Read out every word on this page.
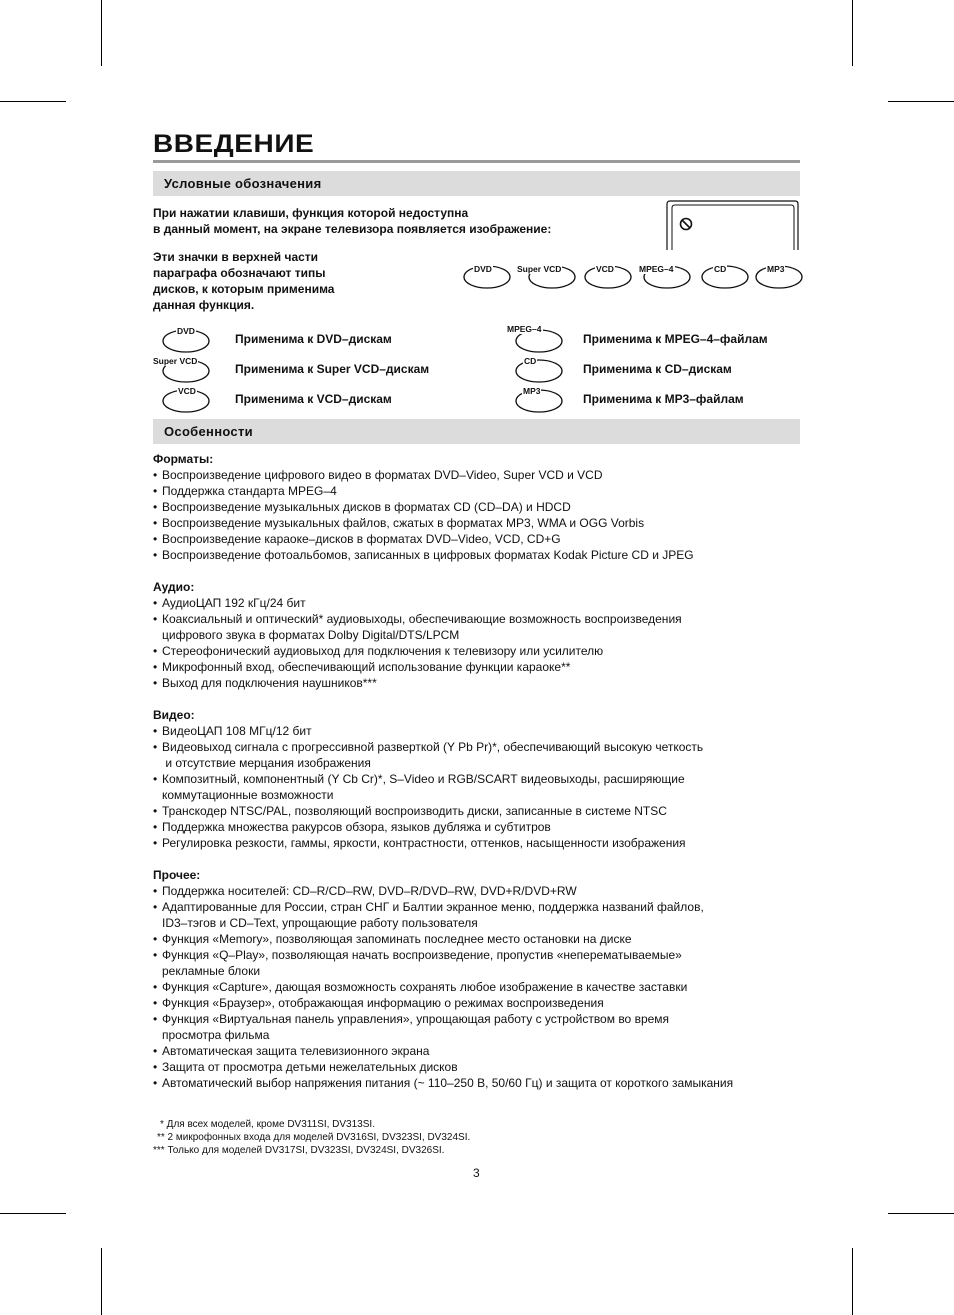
ВВЕДЕНИЕ
Условные обозначения
При нажатии клавиши, функция которой недоступна
в данный момент, на экране телевизора появляется изображение:
Эти значки в верхней части
параграфа обозначают типы
дисков, к которым применима
данная функция.
DVD	Super VCD	VCD	MPEG–4	CD	MP3
DVD
Применима к DVD–дискам
Super VCD
Применима к Super VCD–дискам
VCD
Применима к VCD–дискам
MPEG–4
Применима к MPEG–4–файлам
CD
Применима к CD–дискам
MP3
Применима к MP3–файлам
Особенности
Форматы:
• Воспроизведение цифрового видео в форматах DVD–Video, Super VCD и VCD
• Поддержка стандарта MPEG–4
• Воспроизведение музыкальных дисков в форматах CD (CD–DA) и HDCD
• Воспроизведение музыкальных файлов, сжатых в форматах MP3, WMA и OGG Vorbis
• Воспроизведение караоке–дисков в форматах DVD–Video, VCD, CD+G
• Воспроизведение фотоальбомов, записанных в цифровых форматах Kodak Picture CD и JPEG
Аудио:
• АудиоЦАП 192 кГц/24 бит
• Коаксиальный и оптический* аудиовыходы, обеспечивающие возможность воспроизведения
цифрового звука в форматах Dolby Digital/DTS/LPCM
• Стереофонический аудиовыход для подключения к телевизору или усилителю
• Микрофонный вход, обеспечивающий использование функции караоке**
• Выход для подключения наушников***
Видео:
• ВидеоЦАП 108 МГц/12 бит
• Видеовыход сигнала с прогрессивной разверткой (Y Pb Pr)*, обеспечивающий высокую четкость
и отсутствие мерцания изображения
• Композитный, компонентный (Y Cb Cr)*, S–Video и RGB/SCART видеовыходы, расширяющие
коммутационные возможности
• Транскодер NTSC/PAL, позволяющий воспроизводить диски, записанные в системе NTSC
• Поддержка множества ракурсов обзора, языков дубляжа и субтитров
• Регулировка резкости, гаммы, яркости, контрастности, оттенков, насыщенности изображения
Прочее:
• Поддержка носителей: CD–R/CD–RW, DVD–R/DVD–RW, DVD+R/DVD+RW
• Адаптированные для России, стран СНГ и Балтии экранное меню, поддержка названий файлов,
ID3–тэгов и CD–Text, упрощающие работу пользователя
• Функция «Memory», позволяющая запоминать последнее место остановки на диске
• Функция «Q–Play», позволяющая начать воспроизведение, пропустив «неперематываемые»
рекламные блоки
• Функция «Capture», дающая возможность сохранять любое изображение в качестве заставки
• Функция «Браузер», отображающая информацию о режимах воспроизведения
• Функция «Виртуальная панель управления», упрощающая работу с устройством во время
просмотра фильма
• Автоматическая защита телевизионного экрана
• Защита от просмотра детьми нежелательных дисков
• Автоматический выбор напряжения питания (~ 110–250 В, 50/60 Гц) и защита от короткого замыкания
* Для всех моделей, кроме DV311SI, DV313SI.
** 2 микрофонных входа для моделей DV316SI, DV323SI, DV324SI.
*** Только для моделей DV317SI, DV323SI, DV324SI, DV326SI.
3
